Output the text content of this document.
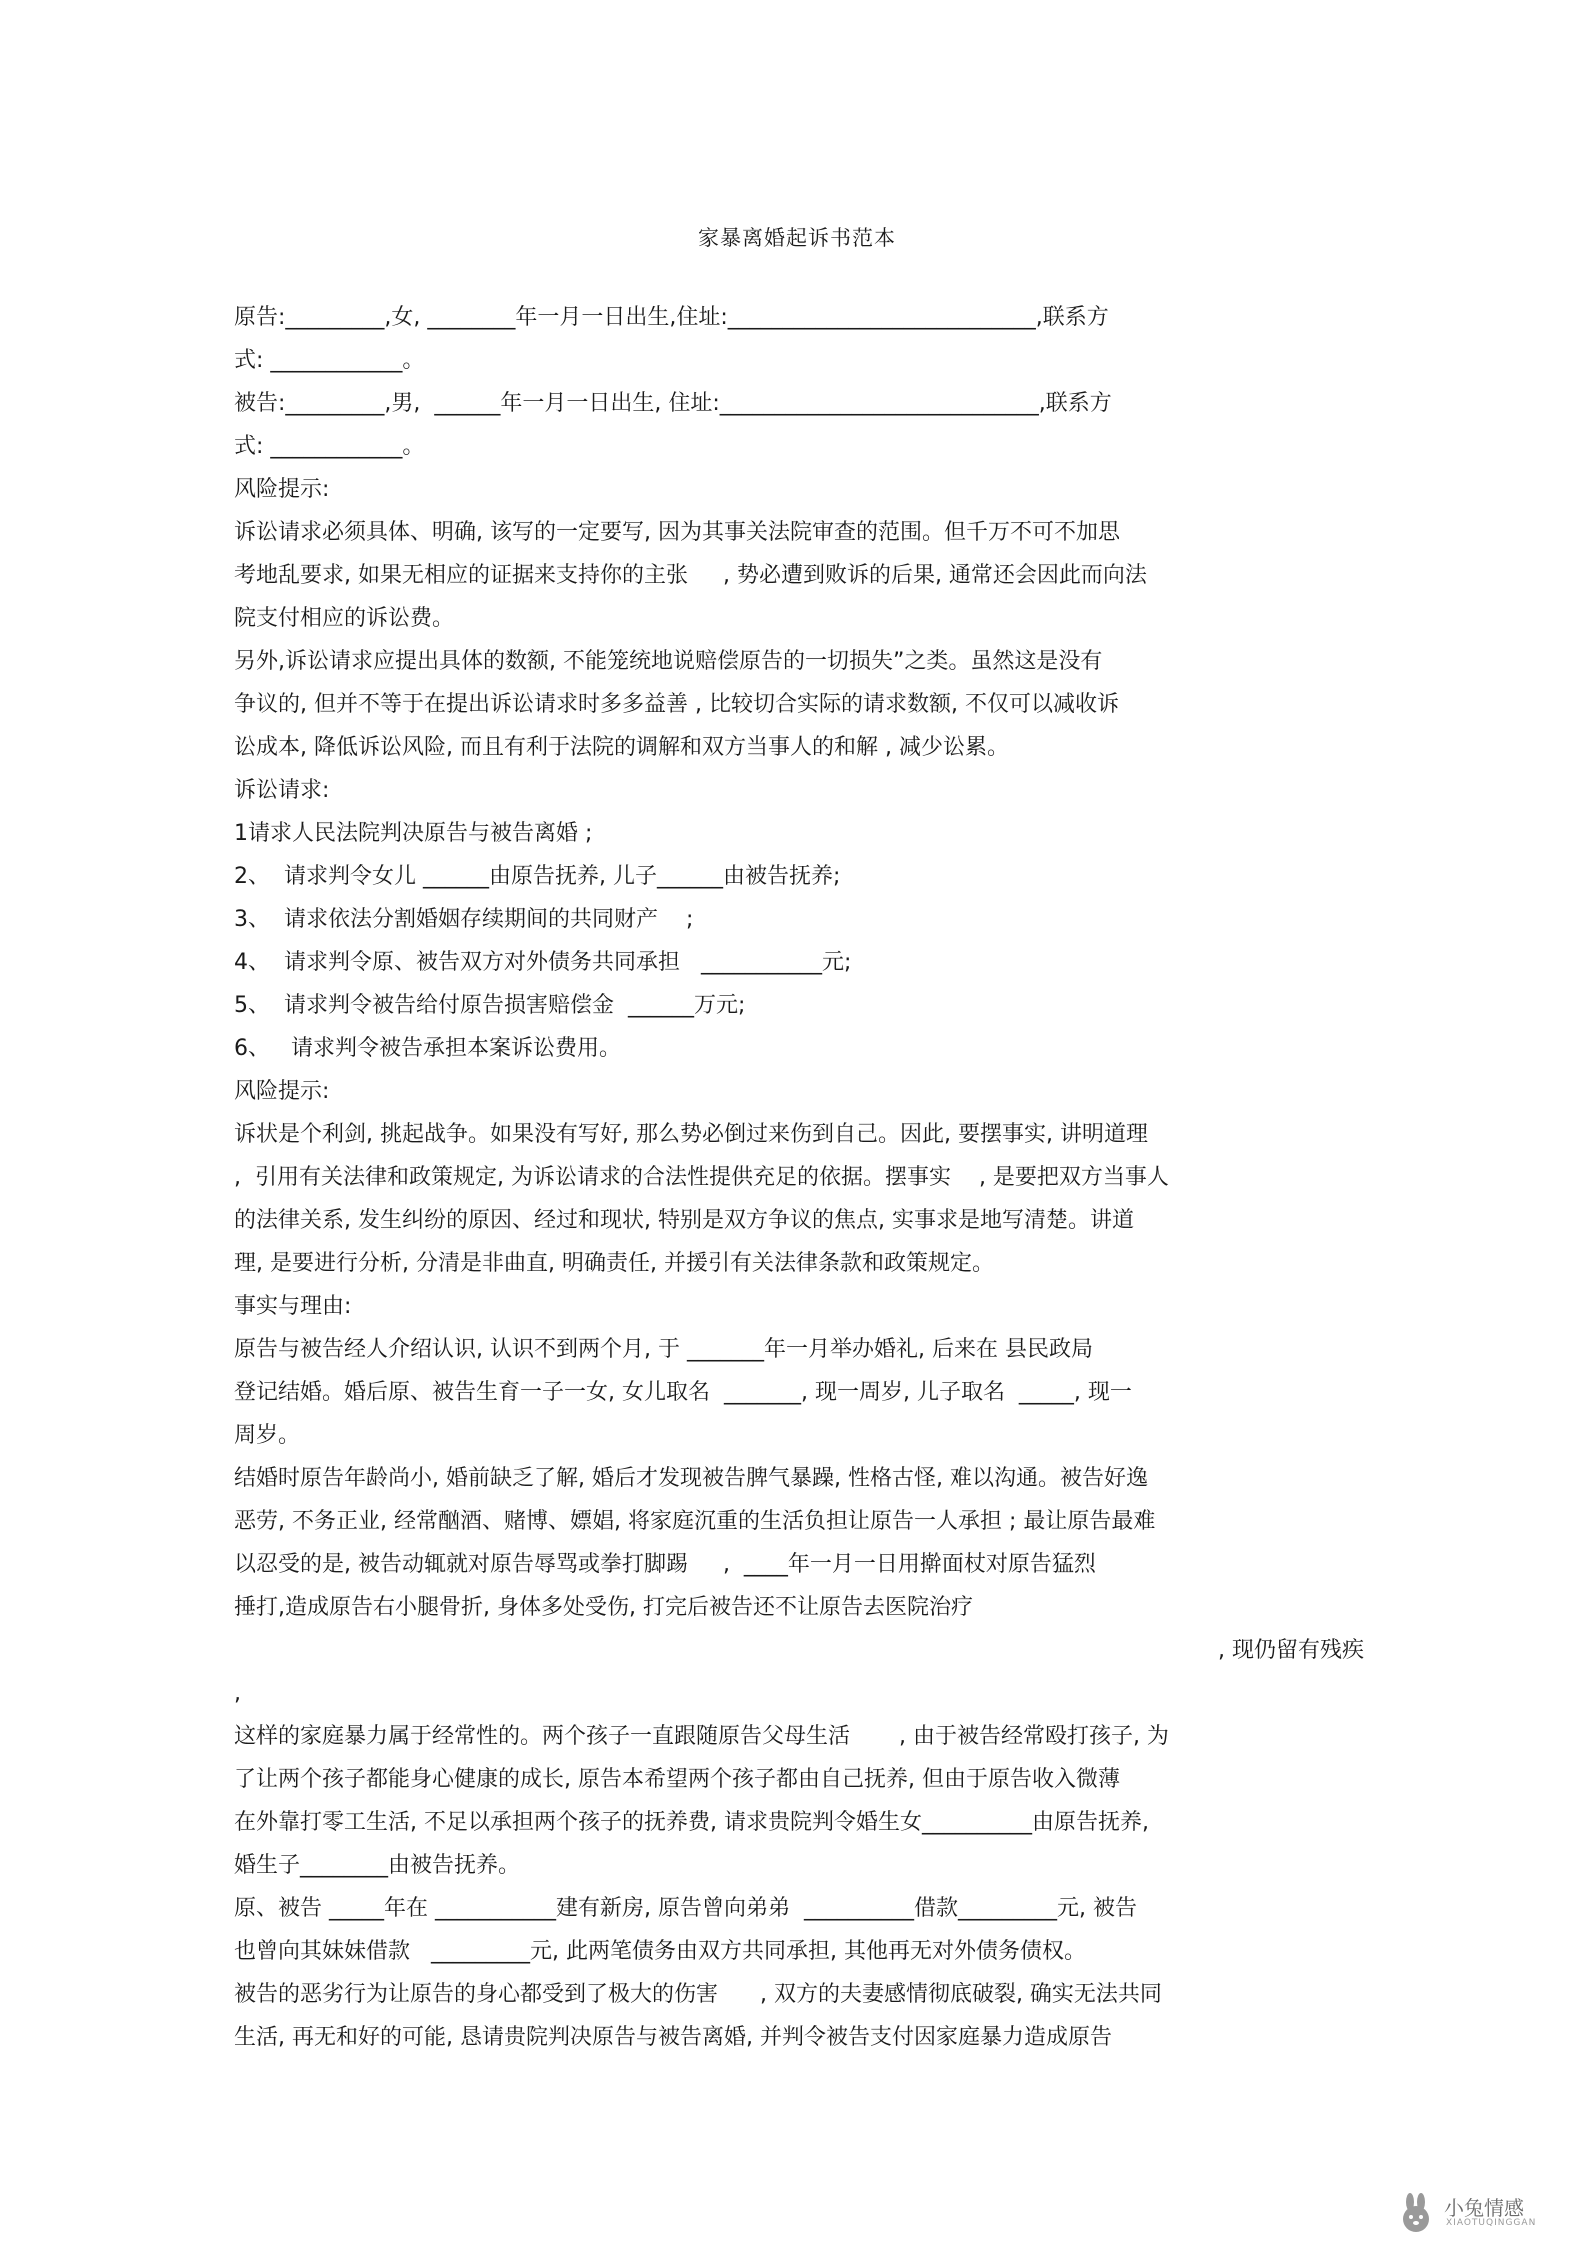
家暴离婚起诉书范本
原告:_________,女, ________年一月一日出生,住址:____________________________,联系方
式: ____________。
被告:_________,男,  ______年一月一日出生, 住址:_____________________________,联系方
式: ____________。
风险提示:
诉讼请求必须具体、明确, 该写的一定要写, 因为其事关法院审查的范围。但千万不可不加思
考地乱要求, 如果无相应的证据来支持你的主张     , 势必遭到败诉的后果, 通常还会因此而向法
院支付相应的诉讼费。
另外,诉讼请求应提出具体的数额, 不能笼统地说赔偿原告的一切损失”之类。虽然这是没有
争议的, 但并不等于在提出诉讼请求时多多益善 , 比较切合实际的请求数额, 不仅可以减收诉
讼成本, 降低诉讼风险, 而且有利于法院的调解和双方当事人的和解 , 减少讼累。
诉讼请求:
1请求人民法院判决原告与被告离婚 ;
2、  请求判令女儿 ______由原告抚养, 儿子______由被告抚养;
3、  请求依法分割婚姻存续期间的共同财产    ;
4、  请求判令原、被告双方对外债务共同承担   ___________元;
5、  请求判令被告给付原告损害赔偿金  ______万元;
6、   请求判令被告承担本案诉讼费用。
风险提示:
诉状是个利剑, 挑起战争。如果没有写好, 那么势必倒过来伤到自己。因此, 要摆事实, 讲明道理
,  引用有关法律和政策规定, 为诉讼请求的合法性提供充足的依据。摆事实    , 是要把双方当事人
的法律关系, 发生纠纷的原因、经过和现状, 特别是双方争议的焦点, 实事求是地写清楚。讲道
理, 是要进行分析, 分清是非曲直, 明确责任, 并援引有关法律条款和政策规定。
事实与理由:
原告与被告经人介绍认识, 认识不到两个月, 于 _______年一月举办婚礼, 后来在 县民政局
登记结婚。婚后原、被告生育一子一女, 女儿取名  _______, 现一周岁, 儿子取名  _____, 现一
周岁。
结婚时原告年龄尚小, 婚前缺乏了解, 婚后才发现被告脾气暴躁, 性格古怪, 难以沟通。被告好逸
恶劳, 不务正业, 经常酗酒、赌博、嫖娼, 将家庭沉重的生活负担让原告一人承担 ; 最让原告最难
以忍受的是, 被告动辄就对原告辱骂或拳打脚踢     ,  ____年一月一日用擀面杖对原告猛烈
捶打,造成原告右小腿骨折, 身体多处受伤, 打完后被告还不让原告去医院治疗
, 现仍留有残疾
,
这样的家庭暴力属于经常性的。两个孩子一直跟随原告父母生活       , 由于被告经常殴打孩子, 为
了让两个孩子都能身心健康的成长, 原告本希望两个孩子都由自己抚养, 但由于原告收入微薄
在外靠打零工生活, 不足以承担两个孩子的抚养费, 请求贵院判令婚生女__________由原告抚养,
婚生子________由被告抚养。
原、被告 _____年在 ___________建有新房, 原告曾向弟弟  __________借款_________元, 被告
也曾向其妹妹借款   _________元, 此两笔债务由双方共同承担, 其他再无对外债务债权。
被告的恶劣行为让原告的身心都受到了极大的伤害      , 双方的夫妻感情彻底破裂, 确实无法共同
生活, 再无和好的可能, 恳请贵院判决原告与被告离婚, 并判令被告支付因家庭暴力造成原告
小兔情感
XIAOTUQINGGAN
